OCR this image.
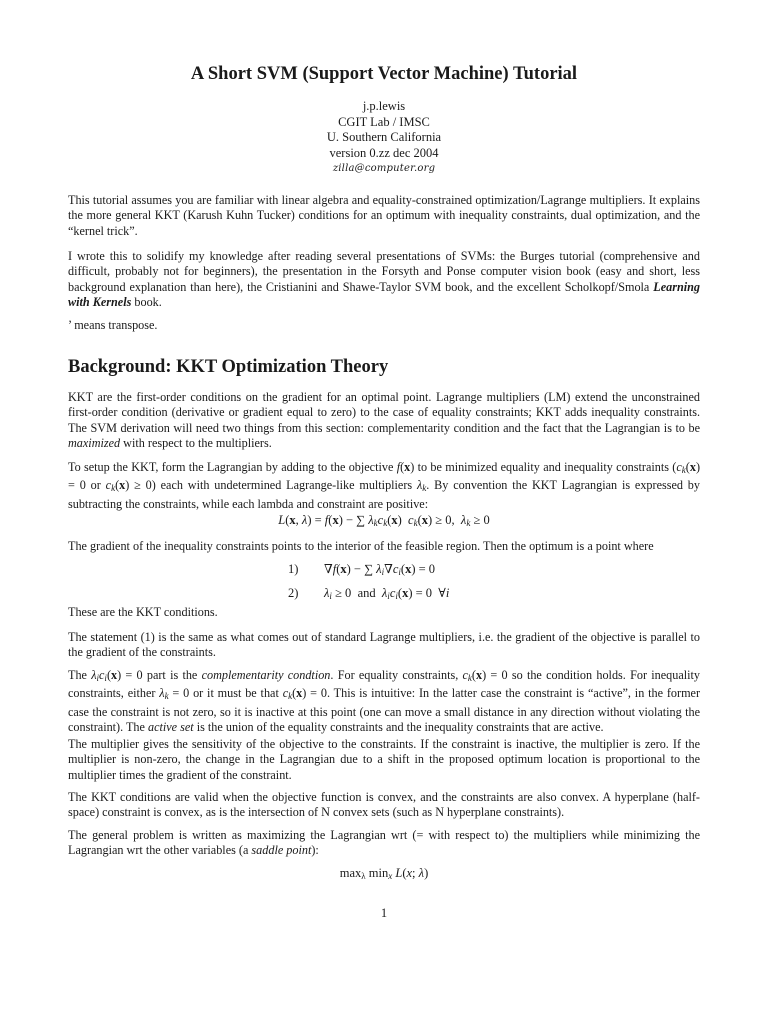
A Short SVM (Support Vector Machine) Tutorial
j.p.lewis
CGIT Lab / IMSC
U. Southern California
version 0.zz dec 2004
zilla@computer.org

This tutorial assumes you are familiar with linear algebra and equality-constrained optimization/Lagrange multipliers. It explains the more general KKT (Karush Kuhn Tucker) conditions for an optimum with inequality constraints, dual optimization, and the “kernel trick”.

I wrote this to solidify my knowledge after reading several presentations of SVMs: the Burges tutorial (comprehensive and difficult, probably not for beginners), the presentation in the Forsyth and Ponse computer vision book (easy and short, less background explanation than here), the Cristianini and Shawe-Taylor SVM book, and the excellent Scholkopf/Smola Learning with Kernels book.

’ means transpose.

Background: KKT Optimization Theory

KKT are the first-order conditions on the gradient for an optimal point. Lagrange multipliers (LM) extend the unconstrained first-order condition (derivative or gradient equal to zero) to the case of equality constraints; KKT adds inequality constraints. The SVM derivation will need two things from this section: complementarity condition and the fact that the Lagrangian is to be maximized with respect to the multipliers.

To setup the KKT, form the Lagrangian by adding to the objective f(x) to be minimized equality and inequality constraints ($c_k(x) = 0$ or $c_k(x) \ge 0$) each with undetermined Lagrange-like multipliers $\lambda_k$. By convention the KKT Lagrangian is expressed by subtracting the constraints, while each lambda and constraint are positive:

L(x, λ) = f(x) − ∑ $\lambda_kc_k(x) c_k(x) \ge 0$,  $\lambda_k \ge 0$

The gradient of the inequality constraints points to the interior of the feasible region. Then the optimum is a point where

1) ∇f(x) − ∑ $\lambda_i\nabla c_i(x) = 0$
2) $\lambda_i \ge 0$  and $\lambda_ic_i(x) = 0$  ∀i

These are the KKT conditions.

The statement (1) is the same as what comes out of standard Lagrange multipliers, i.e. the gradient of the objective is parallel to the gradient of the constraints.

The $\lambda_ic_i(x) = 0$ part is the complementarity condtion. For equality constraints, $c_k(x) = 0$ so the condition holds. For inequality constraints, either $\lambda_k = 0$ or it must be that $c_k(x) = 0$. This is intuitive: In the latter case the constraint is “active”, in the former case the constraint is not zero, so it is inactive at this point (one can move a small distance in any direction without violating the constraint). The active set is the union of the equality constraints and the inequality constraints that are active.

The multiplier gives the sensitivity of the objective to the constraints. If the constraint is inactive, the multiplier is zero. If the multiplier is non-zero, the change in the Lagrangian due to a shift in the proposed optimum location is proportional to the multiplier times the gradient of the constraint.

The KKT conditions are valid when the objective function is convex, and the constraints are also convex. A hyperplane (half-space) constraint is convex, as is the intersection of N convex sets (such as N hyperplane constraints).

The general problem is written as maximizing the Lagrangian wrt (= with respect to) the multipliers while minimizing the Lagrangian wrt the other variables (a saddle point):

$\max_\lambda \min_x L(x$; λ)
1
